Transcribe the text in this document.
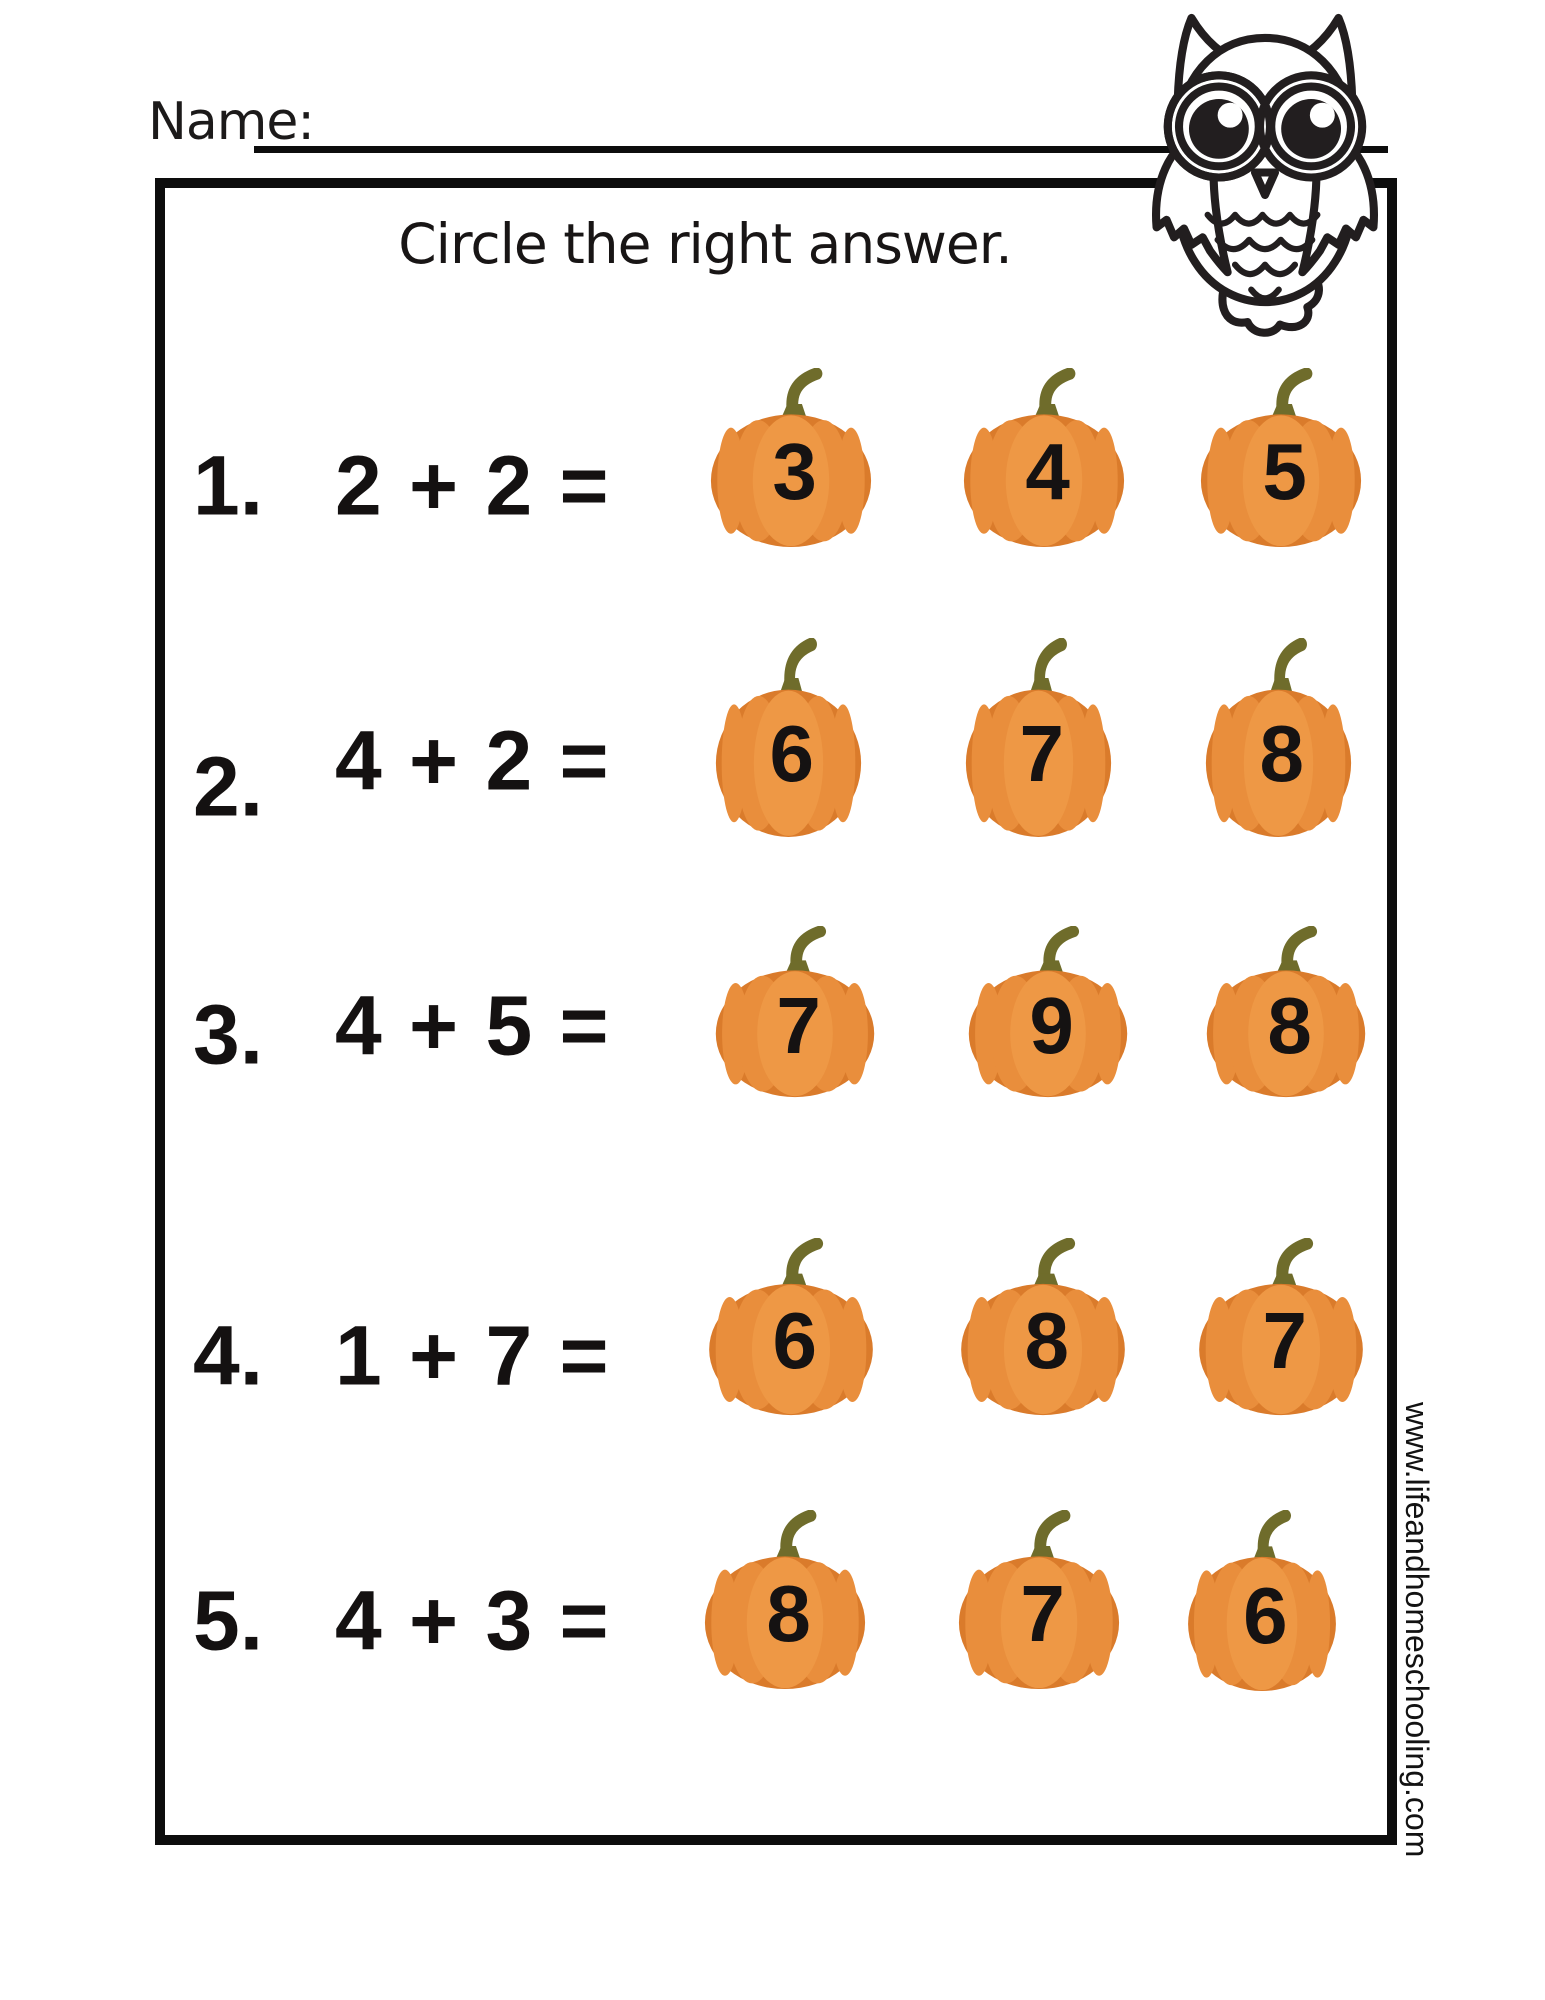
Name:
Circle the right answer.
www.lifeandhomeschooling.com
1. 2 + 2 = 3	4 5
2. 4 + 2 = 6	7 8
3. 4 + 5 = 7	9 8
4. 1 + 7 = 6	8 7
5. 4 + 3 = 8	7 6
